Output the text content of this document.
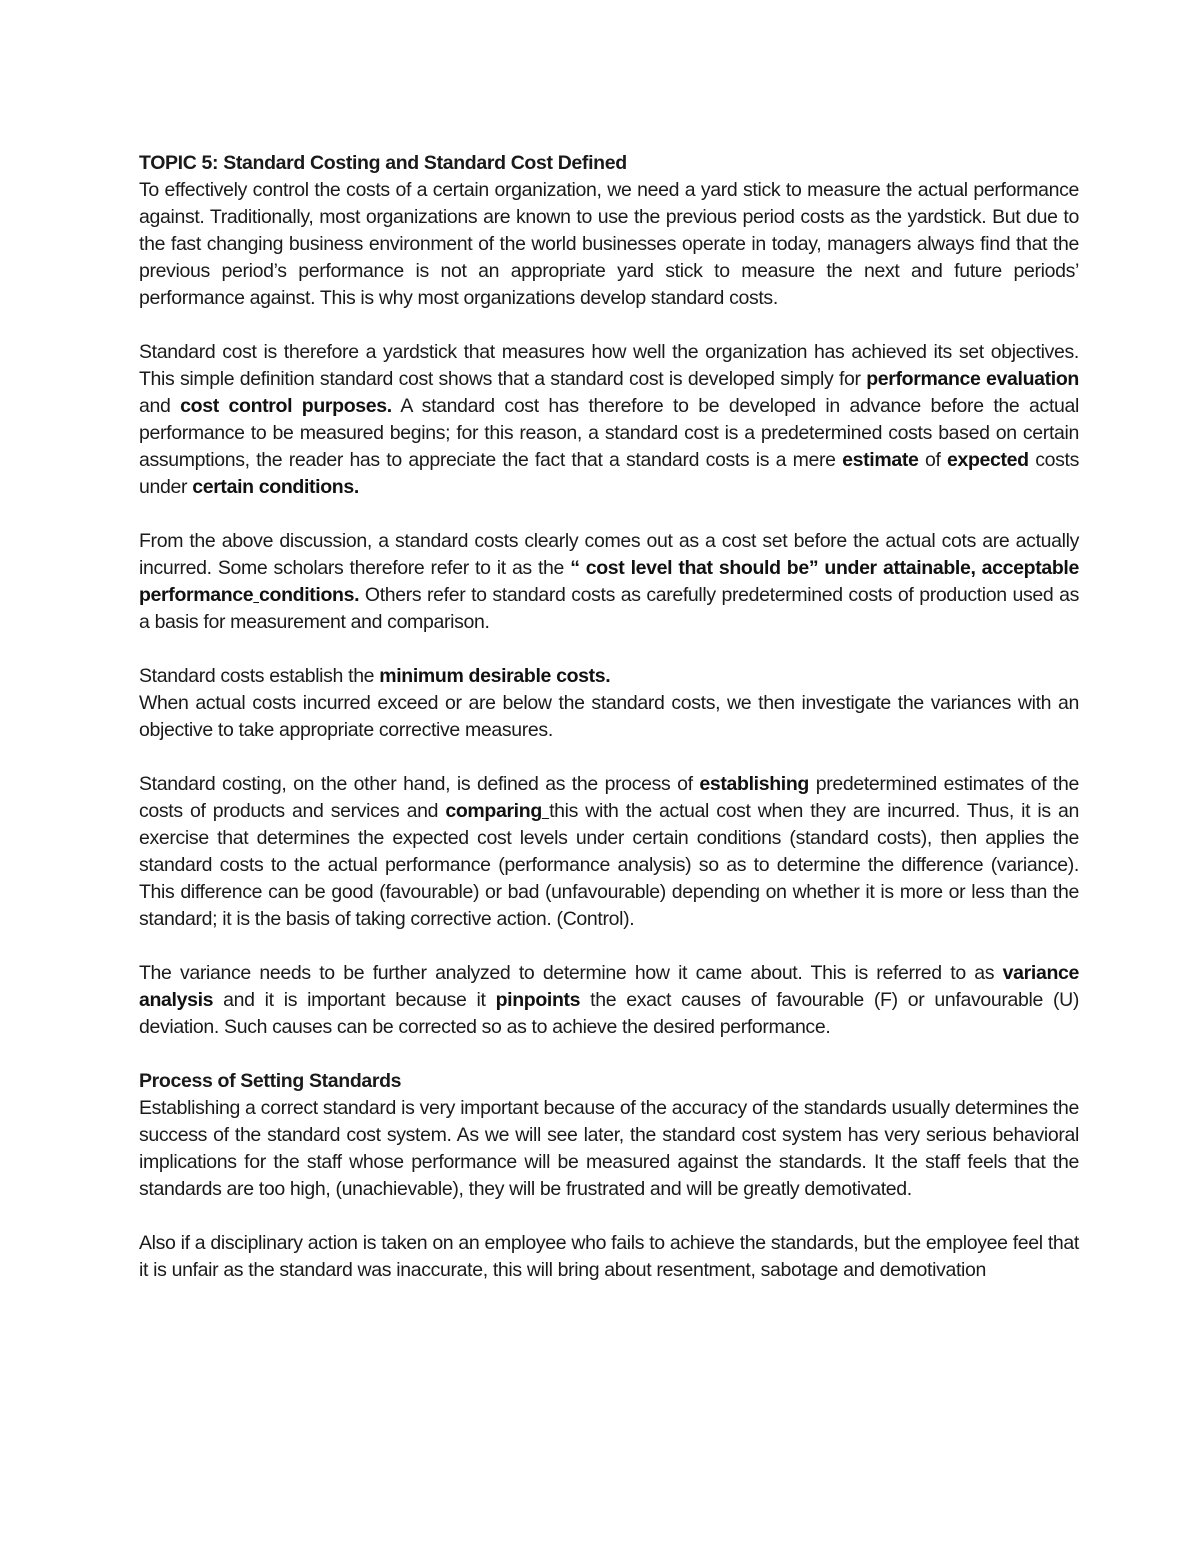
TOPIC 5: Standard Costing and Standard Cost Defined

To effectively control the costs of a certain organization, we need a yard stick to measure the actual performance against. Traditionally, most organizations are known to use the previous period costs as the yardstick. But due to the fast changing business environment of the world businesses operate in today, managers always find that the previous period’s performance is not an appropriate yard stick to measure the next and future periods’ performance against. This is why most organizations develop standard costs.

Standard cost is therefore a yardstick that measures how well the organization has achieved its set objectives. This simple definition standard cost shows that a standard cost is developed simply for performance evaluation and cost control purposes. A standard cost has therefore to be developed in advance before the actual performance to be measured begins; for this reason, a standard cost is a predetermined costs based on certain assumptions, the reader has to appreciate the fact that a standard costs is a mere estimate of expected costs under certain conditions.

From the above discussion, a standard costs clearly comes out as a cost set before the actual cots are actually incurred. Some scholars therefore refer to it as the “ cost level that should be” under attainable, acceptable performance conditions. Others refer to standard costs as carefully predetermined costs of production used as a basis for measurement and comparison.

Standard costs establish the minimum desirable costs.

When actual costs incurred exceed or are below the standard costs, we then investigate the variances with an objective to take appropriate corrective measures.

Standard costing, on the other hand, is defined as the process of establishing predetermined estimates of the costs of products and services and comparing this with the actual cost when they are incurred. Thus, it is an exercise that determines the expected cost levels under certain conditions (standard costs), then applies the standard costs to the actual performance (performance analysis) so as to determine the difference (variance). This difference can be good (favourable) or bad (unfavourable) depending on whether it is more or less than the standard; it is the basis of taking corrective action. (Control).

The variance needs to be further analyzed to determine how it came about. This is referred to as variance analysis and it is important because it pinpoints the exact causes of favourable (F) or unfavourable (U) deviation. Such causes can be corrected so as to achieve the desired performance.

Process of Setting Standards

Establishing a correct standard is very important because of the accuracy of the standards usually determines the success of the standard cost system. As we will see later, the standard cost system has very serious behavioral implications for the staff whose performance will be measured against the standards. It the staff feels that the standards are too high, (unachievable), they will be frustrated and will be greatly demotivated.

Also if a disciplinary action is taken on an employee who fails to achieve the standards, but the employee feel that it is unfair as the standard was inaccurate, this will bring about resentment, sabotage and demotivation
